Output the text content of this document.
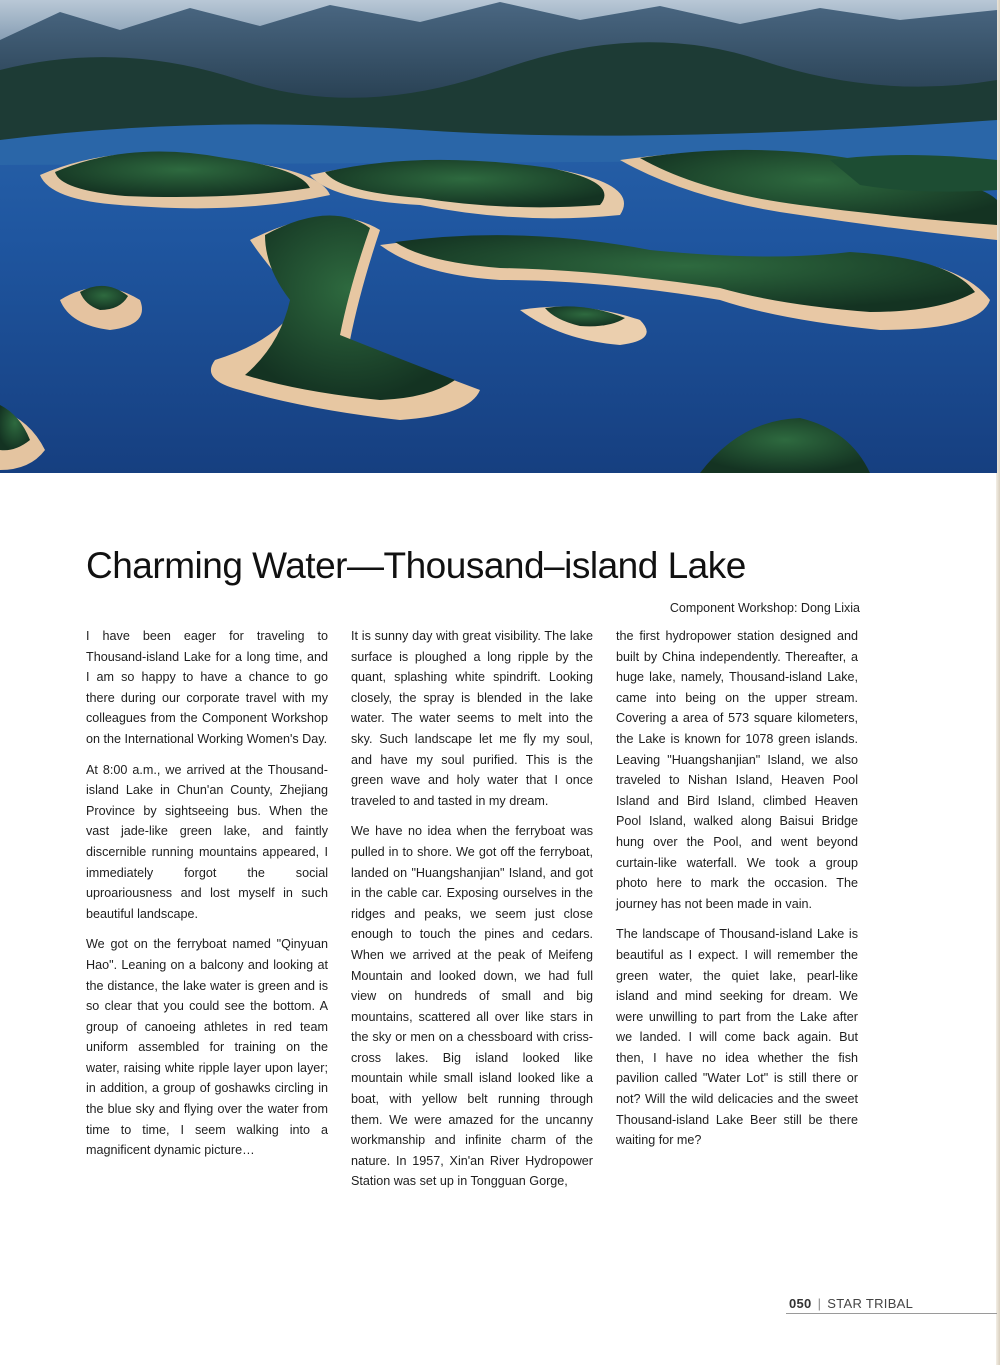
Charming Water—Thousand–island Lake
Component Workshop: Dong Lixia

I have been eager for traveling to Thousand-island Lake for a long time, and I am so happy to have a chance to go there during our corporate travel with my colleagues from the Component Workshop on the International Working Women's Day.

At 8:00 a.m., we arrived at the Thousand-island Lake in Chun'an County, Zhejiang Province by sightseeing bus. When the vast jade-like green lake, and faintly discernible running mountains appeared, I immediately forgot the social uproariousness and lost myself in such beautiful landscape.

We got on the ferryboat named "Qinyuan Hao". Leaning on a balcony and looking at the distance, the lake water is green and is so clear that you could see the bottom. A group of canoeing athletes in red team uniform assembled for training on the water, raising white ripple layer upon layer; in addition, a group of goshawks circling in the blue sky and flying over the water from time to time, I seem walking into a magnificent dynamic picture…

It is sunny day with great visibility. The lake surface is ploughed a long ripple by the quant, splashing white spindrift. Looking closely, the spray is blended in the lake water. The water seems to melt into the sky. Such landscape let me fly my soul, and have my soul purified. This is the green wave and holy water that I once traveled to and tasted in my dream.

We have no idea when the ferryboat was pulled in to shore. We got off the ferryboat, landed on "Huangshanjian" Island, and got in the cable car. Exposing ourselves in the ridges and peaks, we seem just close enough to touch the pines and cedars. When we arrived at the peak of Meifeng Mountain and looked down, we had full view on hundreds of small and big mountains, scattered all over like stars in the sky or men on a chessboard with criss-cross lakes. Big island looked like mountain while small island looked like a boat, with yellow belt running through them. We were amazed for the uncanny workmanship and infinite charm of the nature. In 1957, Xin'an River Hydropower Station was set up in Tongguan Gorge,

the first hydropower station designed and built by China independently. Thereafter, a huge lake, namely, Thousand-island Lake, came into being on the upper stream. Covering a area of 573 square kilometers, the Lake is known for 1078 green islands. Leaving "Huangshanjian" Island, we also traveled to Nishan Island, Heaven Pool Island and Bird Island, climbed Heaven Pool Island, walked along Baisui Bridge hung over the Pool, and went beyond curtain-like waterfall. We took a group photo here to mark the occasion. The journey has not been made in vain.

The landscape of Thousand-island Lake is beautiful as I expect. I will remember the green water, the quiet lake, pearl-like island and mind seeking for dream. We were unwilling to part from the Lake after we landed. I will come back again. But then, I have no idea whether the fish pavilion called "Water Lot" is still there or not? Will the wild delicacies and the sweet Thousand-island Lake Beer still be there waiting for me?

050 | STAR TRIBAL
